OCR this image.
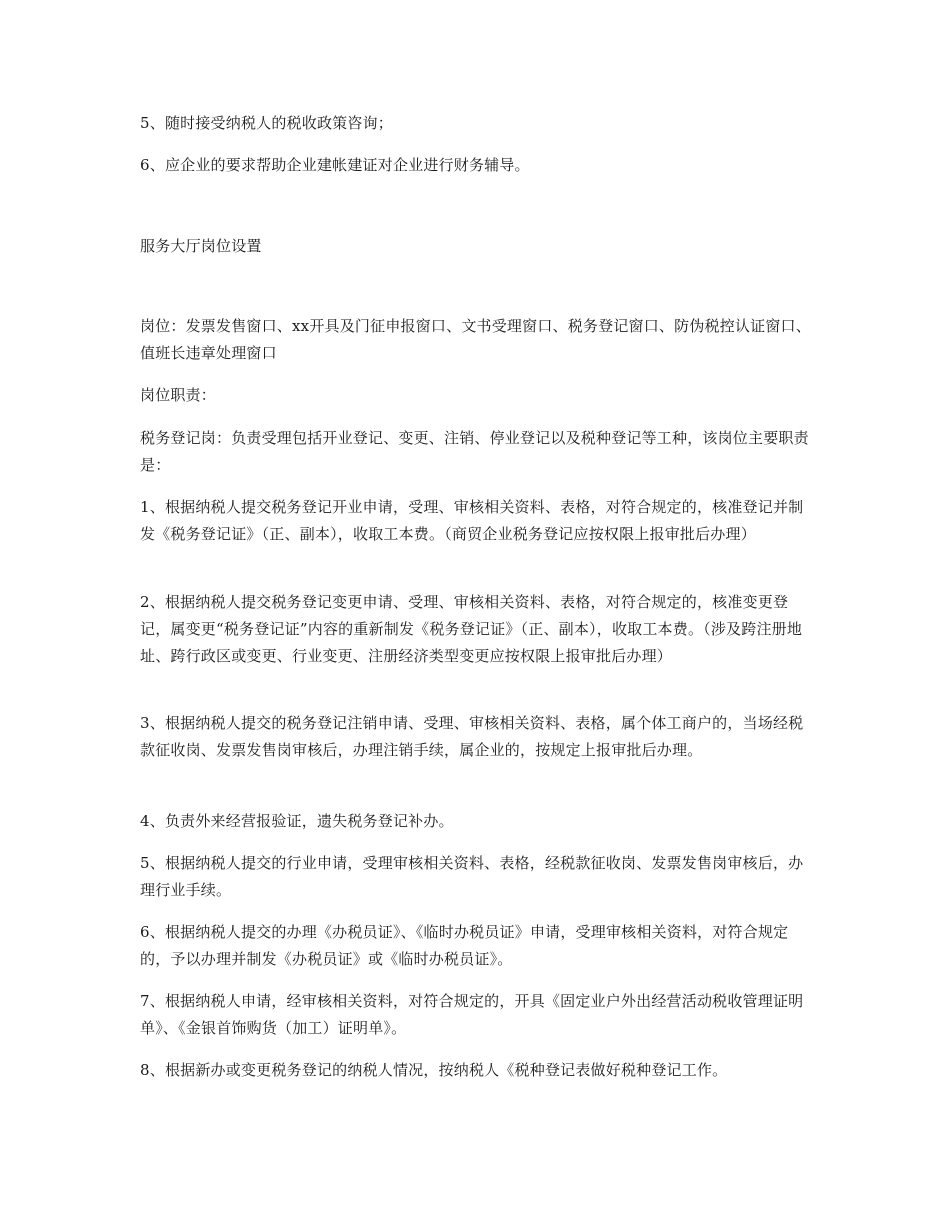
5、随时接受纳税人的税收政策咨询；

6、应企业的要求帮助企业建帐建证对企业进行财务辅导。

服务大厅岗位设置

岗位：发票发售窗口、xx开具及门征申报窗口、文书受理窗口、税务登记窗口、防伪税控认证窗口、值班长违章处理窗口

岗位职责：

税务登记岗：负责受理包括开业登记、变更、注销、停业登记以及税种登记等工种，该岗位主要职责是：

1、根据纳税人提交税务登记开业申请，受理、审核相关资料、表格，对符合规定的，核准登记并制发《税务登记证》（正、副本），收取工本费。（商贸企业税务登记应按权限上报审批后办理）

2、根据纳税人提交税务登记变更申请、受理、审核相关资料、表格，对符合规定的，核准变更登记，属变更“税务登记证”内容的重新制发《税务登记证》（正、副本），收取工本费。（涉及跨注册地址、跨行政区或变更、行业变更、注册经济类型变更应按权限上报审批后办理）

3、根据纳税人提交的税务登记注销申请、受理、审核相关资料、表格，属个体工商户的，当场经税款征收岗、发票发售岗审核后，办理注销手续，属企业的，按规定上报审批后办理。

4、负责外来经营报验证，遗失税务登记补办。

5、根据纳税人提交的行业申请，受理审核相关资料、表格，经税款征收岗、发票发售岗审核后，办理行业手续。

6、根据纳税人提交的办理《办税员证》、《临时办税员证》申请，受理审核相关资料，对符合规定的，予以办理并制发《办税员证》或《临时办税员证》。

7、根据纳税人申请，经审核相关资料，对符合规定的，开具《固定业户外出经营活动税收管理证明单》、《金银首饰购货（加工）证明单》。

8、根据新办或变更税务登记的纳税人情况，按纳税人《税种登记表做好税种登记工作。
